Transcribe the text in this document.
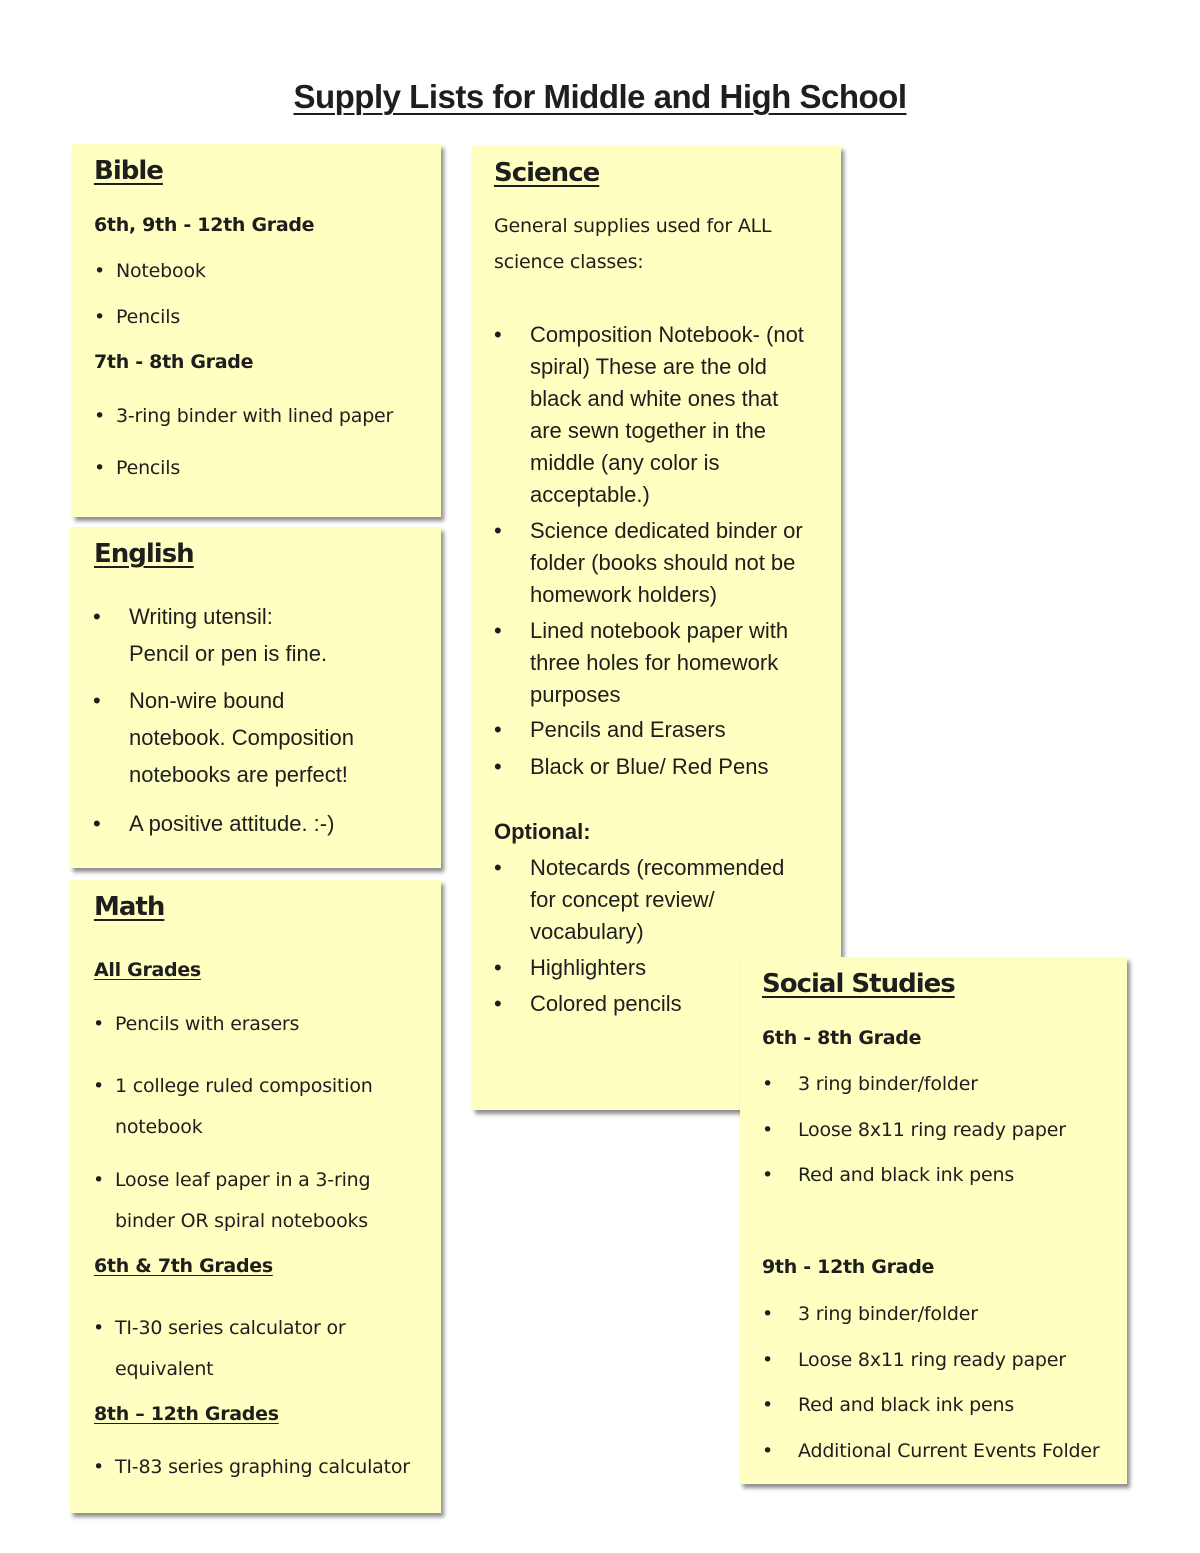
Supply Lists for Middle and High School
Bible
6th, 9th - 12th Grade
• Notebook
• Pencils
7th - 8th Grade
• 3-ring binder with lined paper
• Pencils
English
• Writing utensil:
Pencil or pen is fine.
• Non-wire bound
notebook. Composition
notebooks are perfect!
• A positive attitude. :-)
Math
All Grades
• Pencils with erasers
• 1 college ruled composition
notebook
• Loose leaf paper in a 3-ring
binder OR spiral notebooks
6th & 7th Grades
• TI-30 series calculator or
equivalent
8th – 12th Grades
• TI-83 series graphing calculator
Science
General supplies used for ALL
science classes:
• Composition Notebook- (not
spiral) These are the old
black and white ones that
are sewn together in the
middle (any color is
acceptable.)
• Science dedicated binder or
folder (books should not be
homework holders)
• Lined notebook paper with
three holes for homework
purposes
• Pencils and Erasers
• Black or Blue/ Red Pens
Optional:
• Notecards (recommended
for concept review/
vocabulary)
• Highlighters
• Colored pencils
Social Studies
6th - 8th Grade
• 3 ring binder/folder
• Loose 8x11 ring ready paper
• Red and black ink pens
9th - 12th Grade
• 3 ring binder/folder
• Loose 8x11 ring ready paper
• Red and black ink pens
• Additional Current Events Folder
